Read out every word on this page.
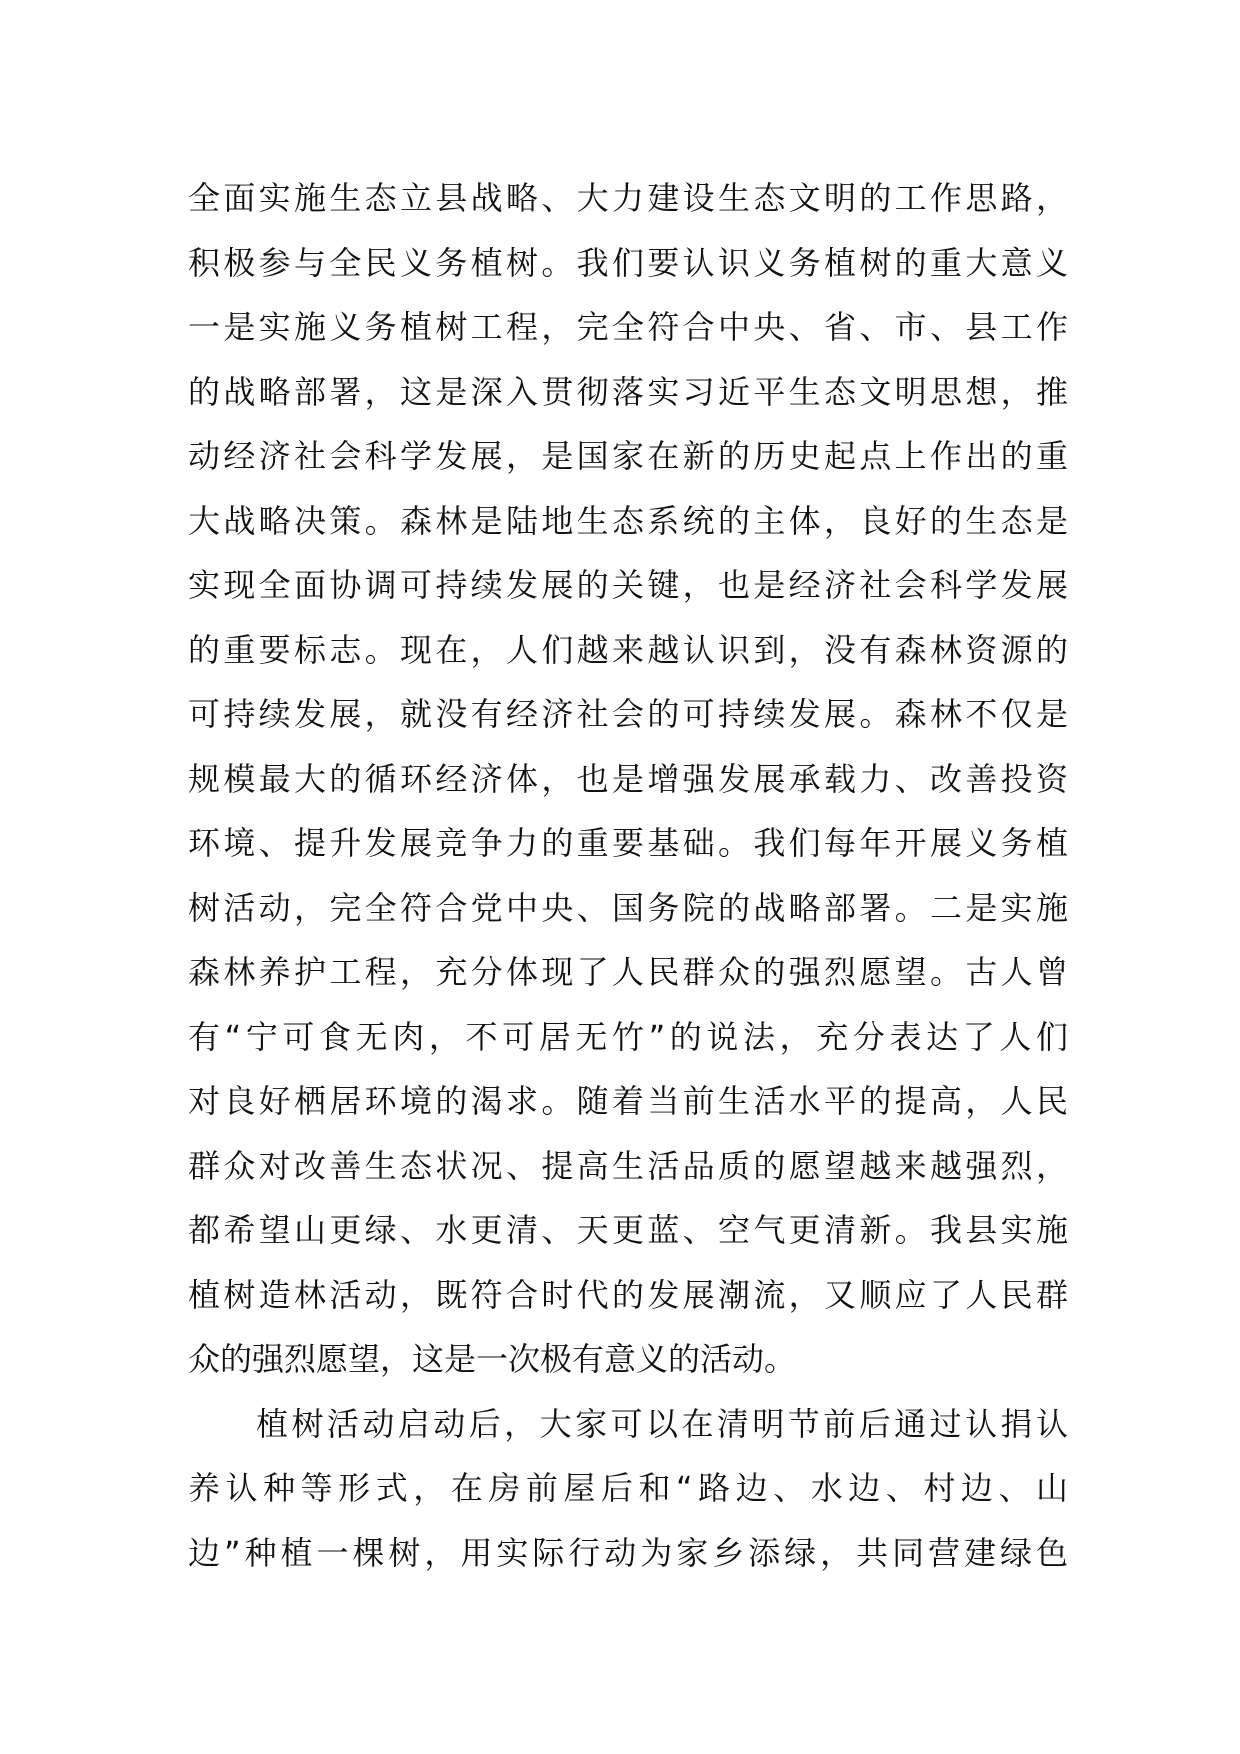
全面实施生态立县战略、大力建设生态文明的工作思路，
积极参与全民义务植树。我们要认识义务植树的重大意义
一是实施义务植树工程，完全符合中央、省、市、县工作
的战略部署，这是深入贯彻落实习近平生态文明思想，推
动经济社会科学发展，是国家在新的历史起点上作出的重
大战略决策。森林是陆地生态系统的主体，良好的生态是
实现全面协调可持续发展的关键，也是经济社会科学发展
的重要标志。现在，人们越来越认识到，没有森林资源的
可持续发展，就没有经济社会的可持续发展。森林不仅是
规模最大的循环经济体，也是增强发展承载力、改善投资
环境、提升发展竞争力的重要基础。我们每年开展义务植
树活动，完全符合党中央、国务院的战略部署。二是实施
森林养护工程，充分体现了人民群众的强烈愿望。古人曾
有“宁可食无肉，不可居无竹”的说法，充分表达了人们
对良好栖居环境的渴求。随着当前生活水平的提高，人民
群众对改善生态状况、提高生活品质的愿望越来越强烈，
都希望山更绿、水更清、天更蓝、空气更清新。我县实施
植树造林活动，既符合时代的发展潮流，又顺应了人民群
众的强烈愿望，这是一次极有意义的活动。
植树活动启动后，大家可以在清明节前后通过认捐认
养认种等形式，在房前屋后和“路边、水边、村边、山
边”种植一棵树，用实际行动为家乡添绿，共同营建绿色
